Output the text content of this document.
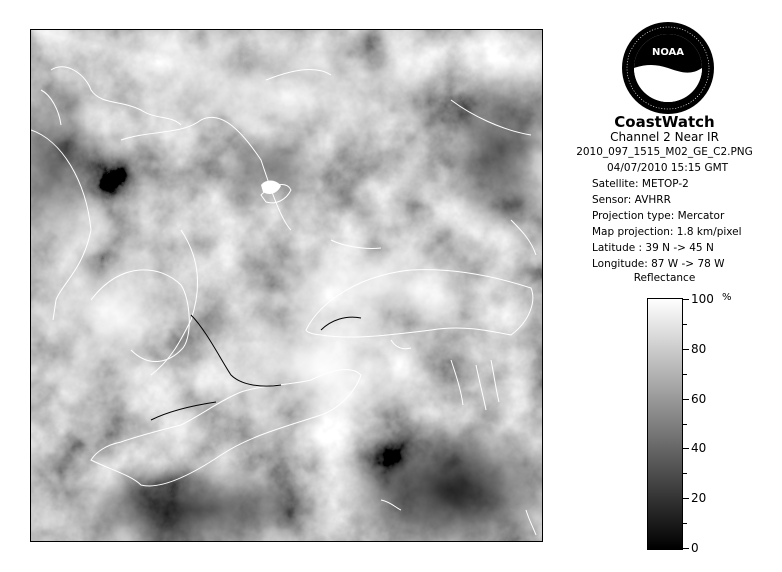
NOAA
CoastWatch
Channel 2 Near IR
2010_097_1515_M02_GE_C2.PNG
04/07/2010 15:15 GMT
Satellite: METOP-2
Sensor: AVHRR
Projection type: Mercator
Map projection: 1.8 km/pixel
Latitude : 39 N -> 45 N
Longitude: 87 W -> 78 W
Reflectance
%
100
80
60
40
20
0
